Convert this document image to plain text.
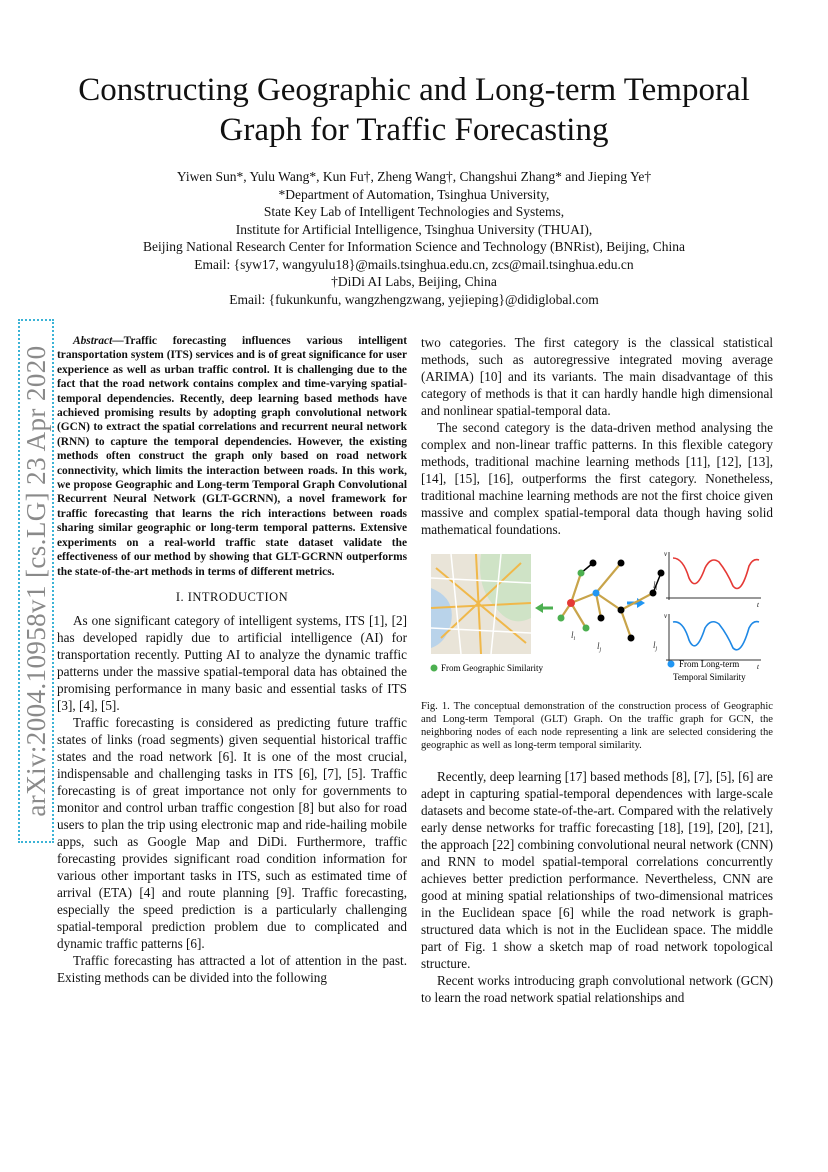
Constructing Geographic and Long-term Temporal
Graph for Traffic Forecasting
Yiwen Sun*, Yulu Wang*, Kun Fu†, Zheng Wang†, Changshui Zhang* and Jieping Ye†
*Department of Automation, Tsinghua University,
State Key Lab of Intelligent Technologies and Systems,
Institute for Artificial Intelligence, Tsinghua University (THUAI),
Beijing National Research Center for Information Science and Technology (BNRist), Beijing, China
Email: {syw17, wangyulu18}@mails.tsinghua.edu.cn, zcs@mail.tsinghua.edu.cn
†DiDi AI Labs, Beijing, China
Email: {fukunkunfu, wangzhengzwang, yejieping}@didiglobal.com
arXiv:2004.10958v1 [cs.LG] 23 Apr 2020

Abstract—Traffic forecasting influences various intelligent transportation system (ITS) services and is of great significance for user experience as well as urban traffic control. It is challenging due to the fact that the road network contains complex and time-varying spatial-temporal dependencies. Recently, deep learning based methods have achieved promising results by adopting graph convolutional network (GCN) to extract the spatial correlations and recurrent neural network (RNN) to capture the temporal dependencies. However, the existing methods often construct the graph only based on road network connectivity, which limits the interaction between roads. In this work, we propose Geographic and Long-term Temporal Graph Convolutional Recurrent Neural Network (GLT-GCRNN), a novel framework for traffic forecasting that learns the rich interactions between roads sharing similar geographic or long-term temporal patterns. Extensive experiments on a real-world traffic state dataset validate the effectiveness of our method by showing that GLT-GCRNN outperforms the state-of-the-art methods in terms of different metrics.

I. INTRODUCTION

As one significant category of intelligent systems, ITS [1], [2] has developed rapidly due to artificial intelligence (AI) for transportation recently. Putting AI to analyze the dynamic traffic patterns under the massive spatial-temporal data has obtained the promising performance in many basic and essential tasks of ITS [3], [4], [5].

Traffic forecasting is considered as predicting future traffic states of links (road segments) given sequential historical traffic states and the road network [6]. It is one of the most crucial, indispensable and challenging tasks in ITS [6], [7], [5]. Traffic forecasting is of great importance not only for governments to monitor and control urban traffic congestion [8] but also for road users to plan the trip using electronic map and ride-hailing mobile apps, such as Google Map and DiDi. Furthermore, traffic forecasting provides significant road condition information for various other important tasks in ITS, such as estimated time of arrival (ETA) [4] and route planning [9]. Traffic forecasting, especially the speed prediction is a particularly challenging spatial-temporal prediction problem due to complicated and dynamic traffic patterns [6].

Traffic forecasting has attracted a lot of attention in the past. Existing methods can be divided into the following

two categories. The first category is the classical statistical methods, such as autoregressive integrated moving average (ARIMA) [10] and its variants. The main disadvantage of this category of methods is that it can hardly handle high dimensional and nonlinear spatial-temporal data.

The second category is the data-driven method analysing the complex and non-linear traffic patterns. In this flexible category methods, traditional machine learning methods [11], [12], [13], [14], [15], [16], outperforms the first category. Nonetheless, traditional machine learning methods are not the first choice given massive and complex spatial-temporal data though having solid mathematical foundations.

$l_i$
$l_j$
$l_i$
$l_j$
v
t
v
t
From Geographic Similarity	From Long-term
Temporal Similarity

Fig. 1. The conceptual demonstration of the construction process of Geographic and Long-term Temporal (GLT) Graph. On the traffic graph for GCN, the neighboring nodes of each node representing a link are selected considering the geographic as well as long-term temporal similarity.

Recently, deep learning [17] based methods [8], [7], [5], [6] are adept in capturing spatial-temporal dependences with large-scale datasets and become state-of-the-art. Compared with the relatively early dense networks for traffic forecasting [18], [19], [20], [21], the approach [22] combining convolutional neural network (CNN) and RNN to model spatial-temporal correlations concurrently achieves better prediction performance. Nevertheless, CNN are good at mining spatial relationships of two-dimensional matrices in the Euclidean space [6] while the road network is graph-structured data which is not in the Euclidean space. The middle part of Fig. 1 show a sketch map of road network topological structure.

Recent works introducing graph convolutional network (GCN) to learn the road network spatial relationships and
